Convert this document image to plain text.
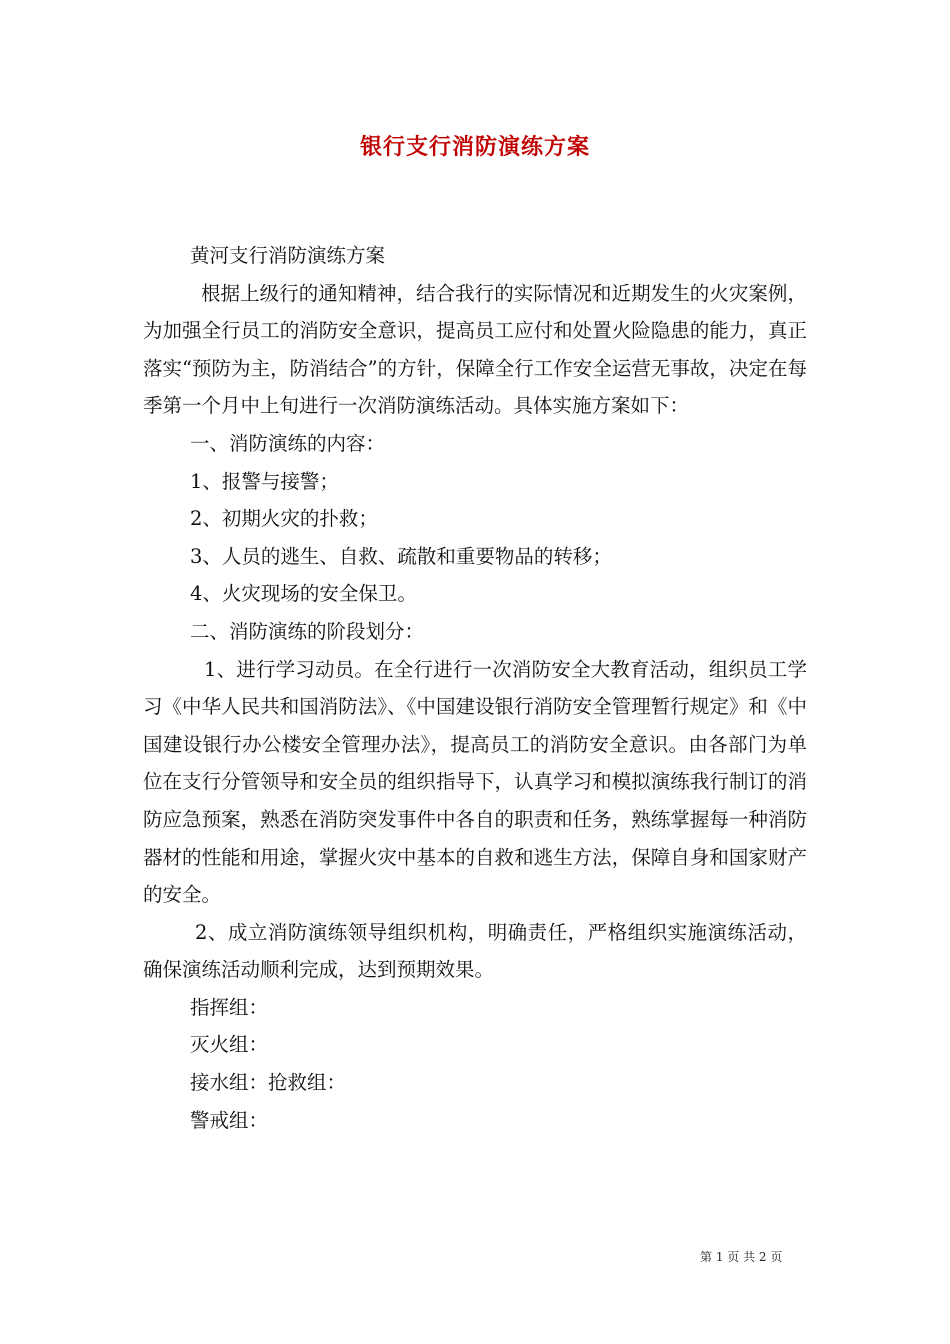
银行支行消防演练方案

黄河支行消防演练方案

根据上级行的通知精神，结合我行的实际情况和近期发生的火灾案例，为加强全行员工的消防安全意识，提高员工应付和处置火险隐患的能力，真正落实“预防为主，防消结合”的方针，保障全行工作安全运营无事故，决定在每季第一个月中上旬进行一次消防演练活动。具体实施方案如下：

一、消防演练的内容：

1、报警与接警；

2、初期火灾的扑救；

3、人员的逃生、自救、疏散和重要物品的转移；

4、火灾现场的安全保卫。

二、消防演练的阶段划分：

1、进行学习动员。在全行进行一次消防安全大教育活动，组织员工学习《中华人民共和国消防法》、《中国建设银行消防安全管理暂行规定》和《中国建设银行办公楼安全管理办法》，提高员工的消防安全意识。由各部门为单位在支行分管领导和安全员的组织指导下，认真学习和模拟演练我行制订的消防应急预案，熟悉在消防突发事件中各自的职责和任务，熟练掌握每一种消防器材的性能和用途，掌握火灾中基本的自救和逃生方法，保障自身和国家财产的安全。

2、成立消防演练领导组织机构，明确责任，严格组织实施演练活动，确保演练活动顺利完成，达到预期效果。

指挥组：

灭火组：

接水组：抢救组：

警戒组：

第 1 页 共 2 页
